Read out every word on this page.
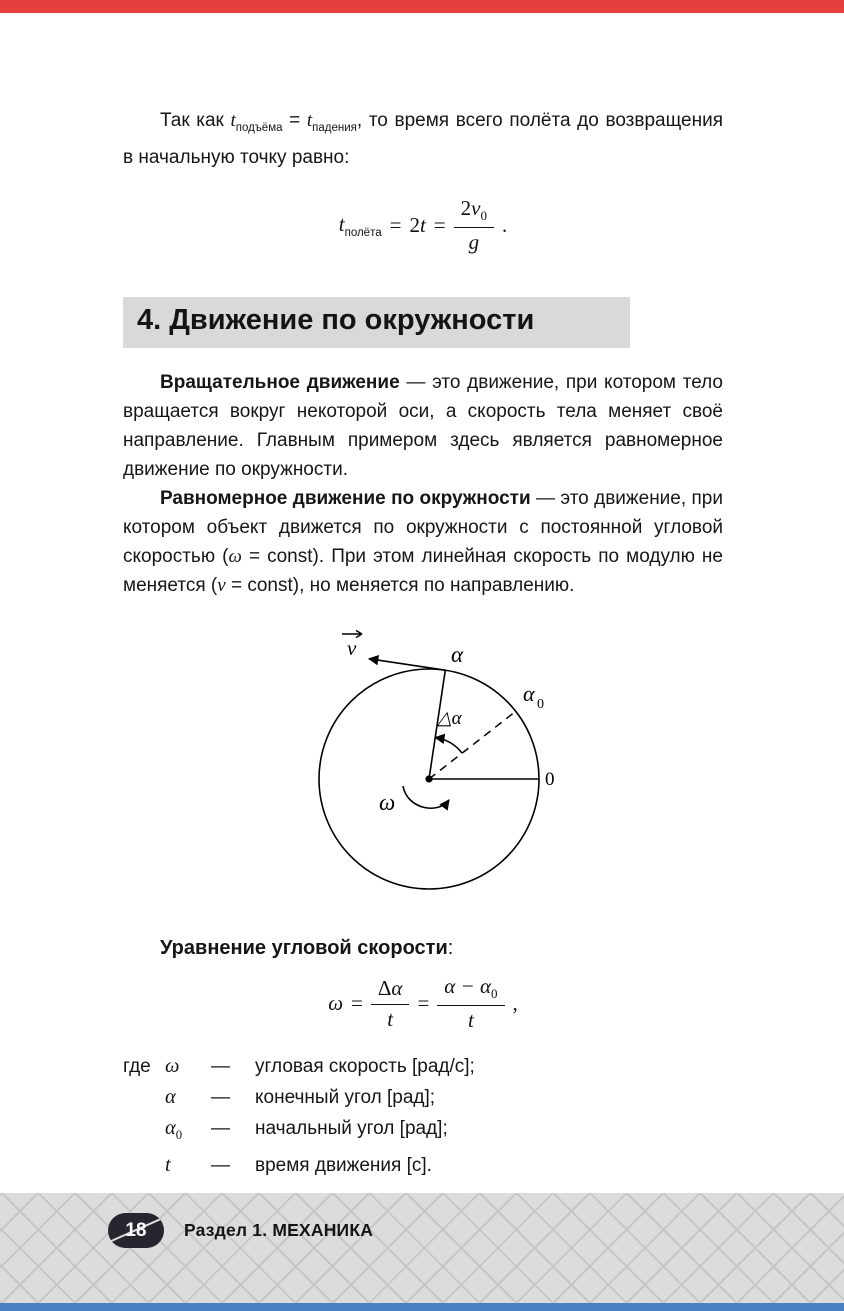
Так как $t_{подъёма} = t_{падения}$, то время всего полёта до возвращения в начальную точку равно:

$t_{полёта} = 2t = \frac{2v_0}{g}$ .
4. Движение по окружности

Вращательное движение — это движение, при котором тело вращается вокруг некоторой оси, а скорость тела меняет своё направление. Главным примером здесь является равномерное движение по окружности.

Равномерное движение по окружности — это движение, при котором объект движется по окружности с постоянной угловой скоростью (ω = const). При этом линейная скорость по модулю не меняется (v = const), но меняется по направлению.

v	α
α 0
△α
ω
0

Уравнение угловой скорости:

$\omega = \frac{\Delta\alpha}{t} = \frac{\alpha - \alpha_0}{t}$ ,
где ω	—	угловая скорость [рад/с];
α	—	конечный угол [рад];
$\alpha_0$	—	начальный угол [рад];
t	—	время движения [с].
18 Раздел 1. МЕХАНИКА
